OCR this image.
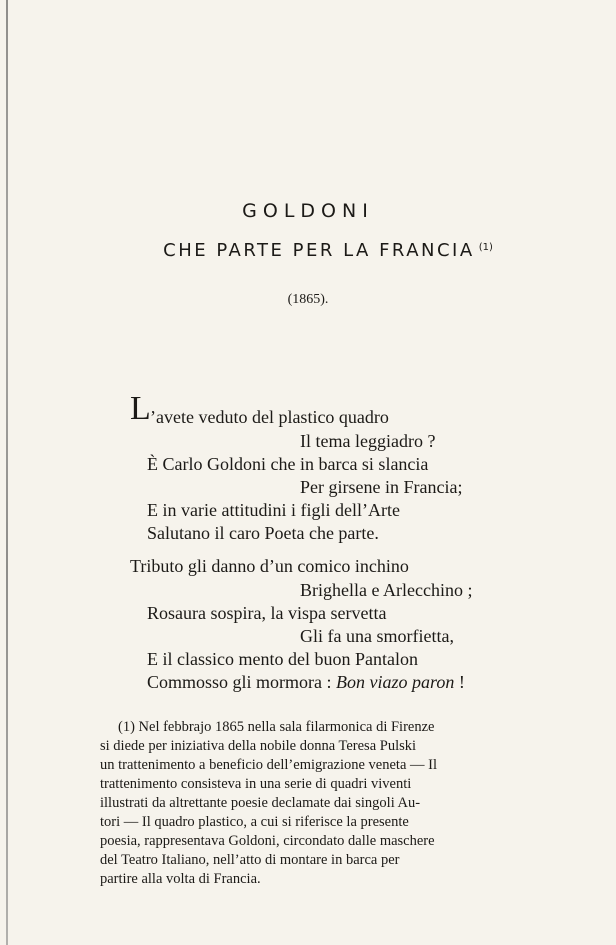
GOLDONI
CHE PARTE PER LA FRANCIA $^{(1)}$
(1865).
L ’avete veduto del plastico quadro
Il tema leggiadro ?
È Carlo Goldoni che in barca si slancia
Per girsene in Francia;
E in varie attitudini i figli dell’Arte
Salutano il caro Poeta che parte.
Tributo gli danno d’un comico inchino
Brighella e Arlecchino ;
Rosaura sospira, la vispa servetta
Gli fa una smorfietta,
E il classico mento del buon Pantalon
Commosso gli mormora : Bon viazo paron !
(1) Nel febbrajo 1865 nella sala filarmonica di Firenze
si diede per iniziativa della nobile donna Teresa Pulski
un trattenimento a beneficio dell’emigrazione veneta — Il
trattenimento consisteva in una serie di quadri viventi
illustrati da altrettante poesie declamate dai singoli Au-
tori — Il quadro plastico, a cui si riferisce la presente
poesia, rappresentava Goldoni, circondato dalle maschere
del Teatro Italiano, nell’atto di montare in barca per
partire alla volta di Francia.
